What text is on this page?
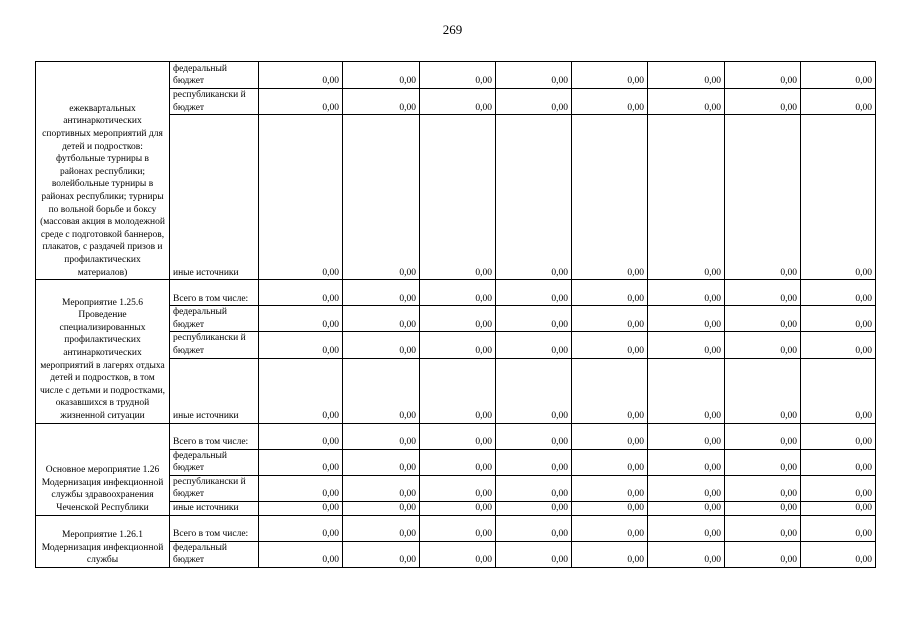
269
ежеквартальных антинаркотических спортивных мероприятий для детей и подростков: футбольные турниры в районах республики; волейбольные турниры в районах республики; турниры по вольной борьбе и боксу (массовая акция в молодежной среде с подготовкой баннеров, плакатов, с раздачей призов и профилактических материалов)	федеральный бюджет	0,00	0,00	0,00	0,00	0,00	0,00	0,00	0,00
	республикански й бюджет	0,00	0,00	0,00	0,00	0,00	0,00	0,00	0,00
	иные источники	0,00	0,00	0,00	0,00	0,00	0,00	0,00	0,00
Мероприятие 1.25.6 Проведение специализированных профилактических антинаркотических мероприятий в лагерях отдыха детей и подростков, в том числе с детьми и подростками, оказавшихся в трудной жизненной ситуации	Всего в том числе:	0,00	0,00	0,00	0,00	0,00	0,00	0,00	0,00
	федеральный бюджет	0,00	0,00	0,00	0,00	0,00	0,00	0,00	0,00
	республикански й бюджет	0,00	0,00	0,00	0,00	0,00	0,00	0,00	0,00
	иные источники	0,00	0,00	0,00	0,00	0,00	0,00	0,00	0,00
Основное мероприятие 1.26 Модернизация инфекционной службы здравоохранения Чеченской Республики	Всего в том числе:	0,00	0,00	0,00	0,00	0,00	0,00	0,00	0,00
	федеральный бюджет	0,00	0,00	0,00	0,00	0,00	0,00	0,00	0,00
	республикански й бюджет	0,00	0,00	0,00	0,00	0,00	0,00	0,00	0,00
	иные источники	0,00	0,00	0,00	0,00	0,00	0,00	0,00	0,00
Мероприятие 1.26.1 Модернизация инфекционной службы	Всего в том числе:	0,00	0,00	0,00	0,00	0,00	0,00	0,00	0,00
	федеральный бюджет	0,00	0,00	0,00	0,00	0,00	0,00	0,00	0,00
